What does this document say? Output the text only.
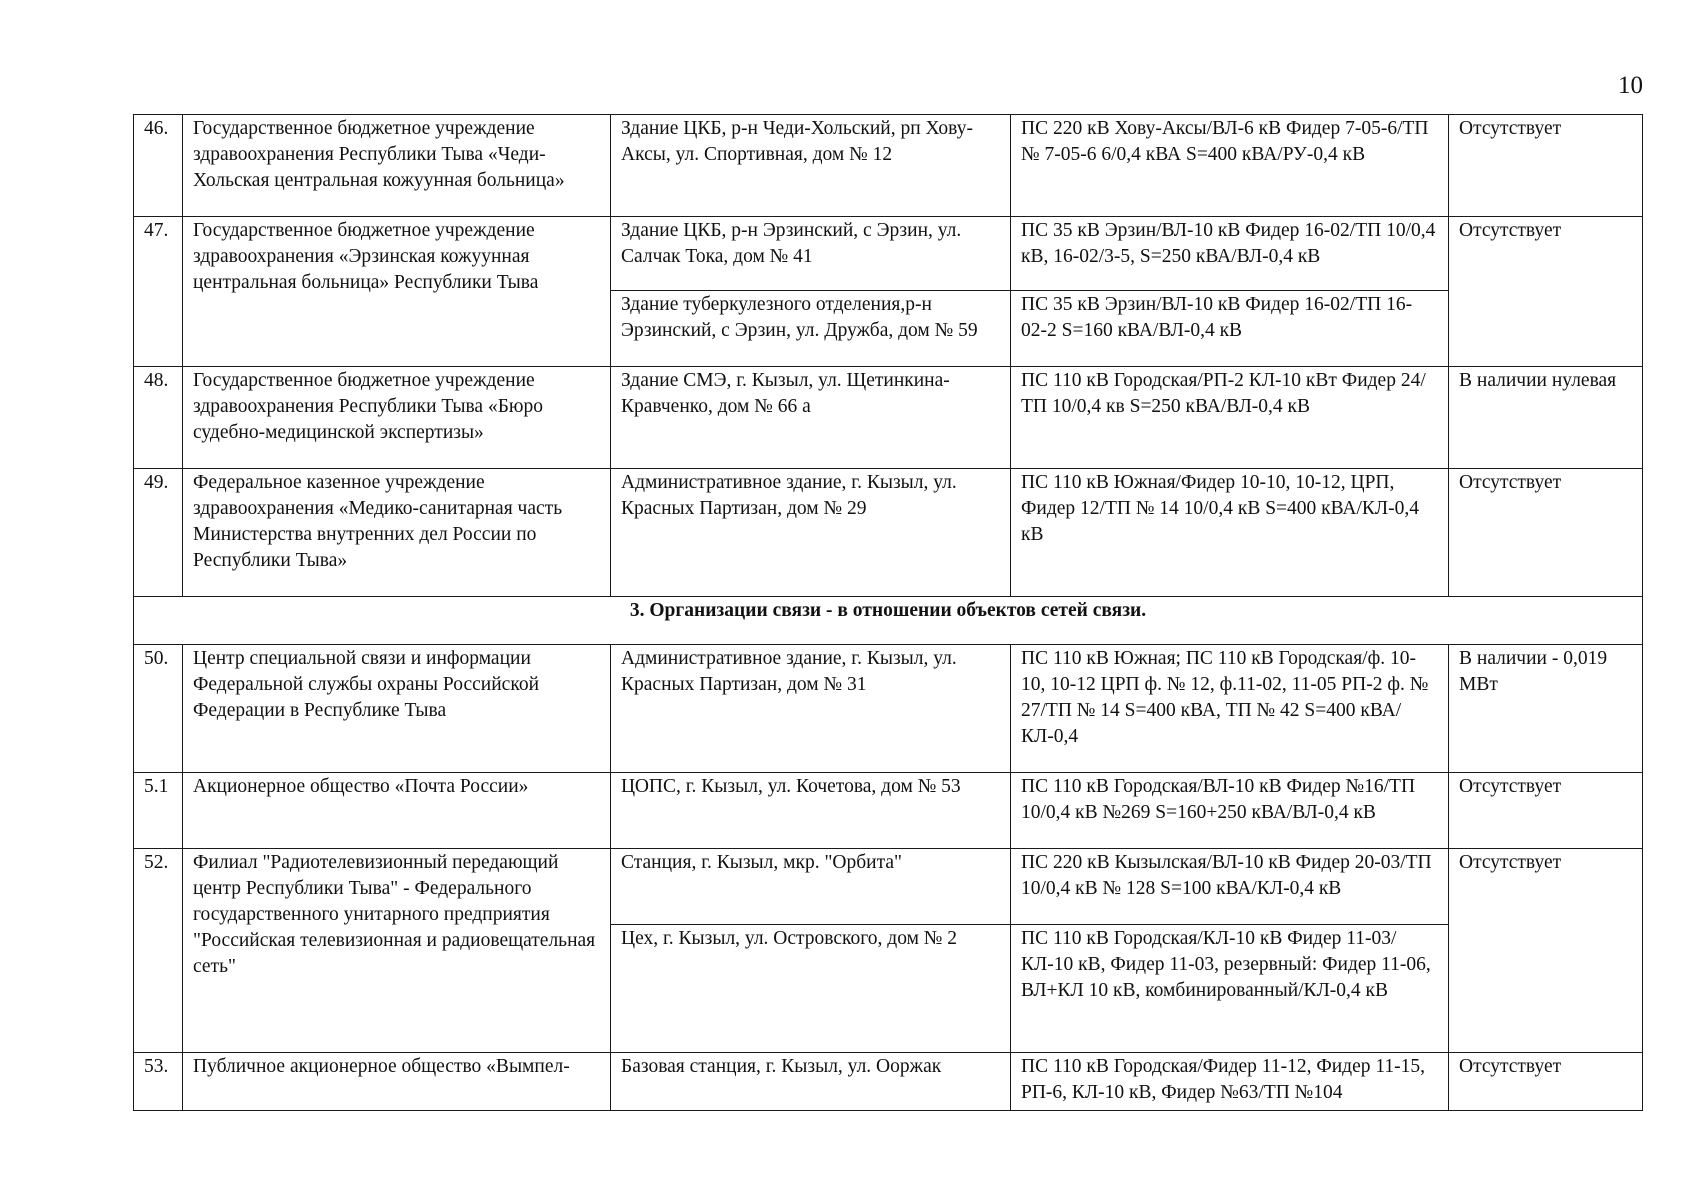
10
46.	Государственное бюджетное учреждение здравоохранения Республики Тыва «Чеди-Хольская центральная кожуунная больница»	Здание ЦКБ, р-н Чеди-Хольский, рп Хову-Аксы, ул. Спортивная, дом № 12	ПС 220 кВ Хову-Аксы/ВЛ-6 кВ Фидер 7-05-6/ТП № 7-05-6 6/0,4 кВА S=400 кВА/РУ-0,4 кВ	Отсутствует
47.	Государственное бюджетное учреждение здравоохранения «Эрзинская кожуунная центральная больница» Республики Тыва	Здание ЦКБ, р-н Эрзинский, с Эрзин, ул. Салчак Тока, дом № 41	ПС 35 кВ Эрзин/ВЛ-10 кВ Фидер 16-02/ТП 10/0,4 кВ, 16-02/3-5, S=250 кВА/ВЛ-0,4 кВ	Отсутствует
		Здание туберкулезного отделения,р-н Эрзинский, с Эрзин, ул. Дружба, дом № 59	ПС 35 кВ Эрзин/ВЛ-10 кВ Фидер 16-02/ТП 16-02-2 S=160 кВА/ВЛ-0,4 кВ	
48.	Государственное бюджетное учреждение здравоохранения Республики Тыва «Бюро судебно-медицинской экспертизы»	Здание СМЭ, г. Кызыл, ул. Щетинкина-Кравченко, дом № 66 а	ПС 110 кВ Городская/РП-2 КЛ-10 кВт Фидер 24/ТП 10/0,4 кв S=250 кВА/ВЛ-0,4 кВ	В наличии нулевая
49.	Федеральное казенное учреждение здравоохранения «Медико-санитарная часть Министерства внутренних дел России по Республики Тыва»	Административное здание, г. Кызыл, ул. Красных Партизан, дом № 29	ПС 110 кВ Южная/Фидер 10-10, 10-12, ЦРП, Фидер 12/ТП № 14 10/0,4 кВ S=400 кВА/КЛ-0,4 кВ	Отсутствует
3. Организации связи - в отношении объектов сетей связи.				
50.	Центр специальной связи и информации Федеральной службы охраны Российской Федерации в Республике Тыва	Административное здание, г. Кызыл, ул. Красных Партизан, дом № 31	ПС 110 кВ Южная; ПС 110 кВ Городская/ф. 10-10, 10-12 ЦРП ф. № 12, ф.11-02, 11-05 РП-2 ф. № 27/ТП № 14 S=400 кВА, ТП № 42 S=400 кВА/КЛ-0,4	В наличии - 0,019 МВт
5.1	Акционерное общество «Почта России»	ЦОПС, г. Кызыл, ул. Кочетова, дом № 53	ПС 110 кВ Городская/ВЛ-10 кВ Фидер №16/ТП 10/0,4 кВ №269 S=160+250 кВА/ВЛ-0,4 кВ	Отсутствует
52.	Филиал "Радиотелевизионный передающий центр Республики Тыва" - Федерального государственного унитарного предприятия "Российская телевизионная и радиовещательная сеть"	Станция, г. Кызыл, мкр. "Орбита"	ПС 220 кВ Кызылская/ВЛ-10 кВ Фидер 20-03/ТП 10/0,4 кВ № 128 S=100 кВА/КЛ-0,4 кВ	Отсутствует
		Цех, г. Кызыл, ул. Островского, дом № 2	ПС 110 кВ Городская/КЛ-10 кВ Фидер 11-03/КЛ-10 кВ, Фидер 11-03, резервный: Фидер 11-06, ВЛ+КЛ 10 кВ, комбинированный/КЛ-0,4 кВ	
53.	Публичное акционерное общество «Вымпел-	Базовая станция, г. Кызыл, ул. Ооржак	ПС 110 кВ Городская/Фидер 11-12, Фидер 11-15, РП-6, КЛ-10 кВ, Фидер №63/ТП №104	Отсутствует
